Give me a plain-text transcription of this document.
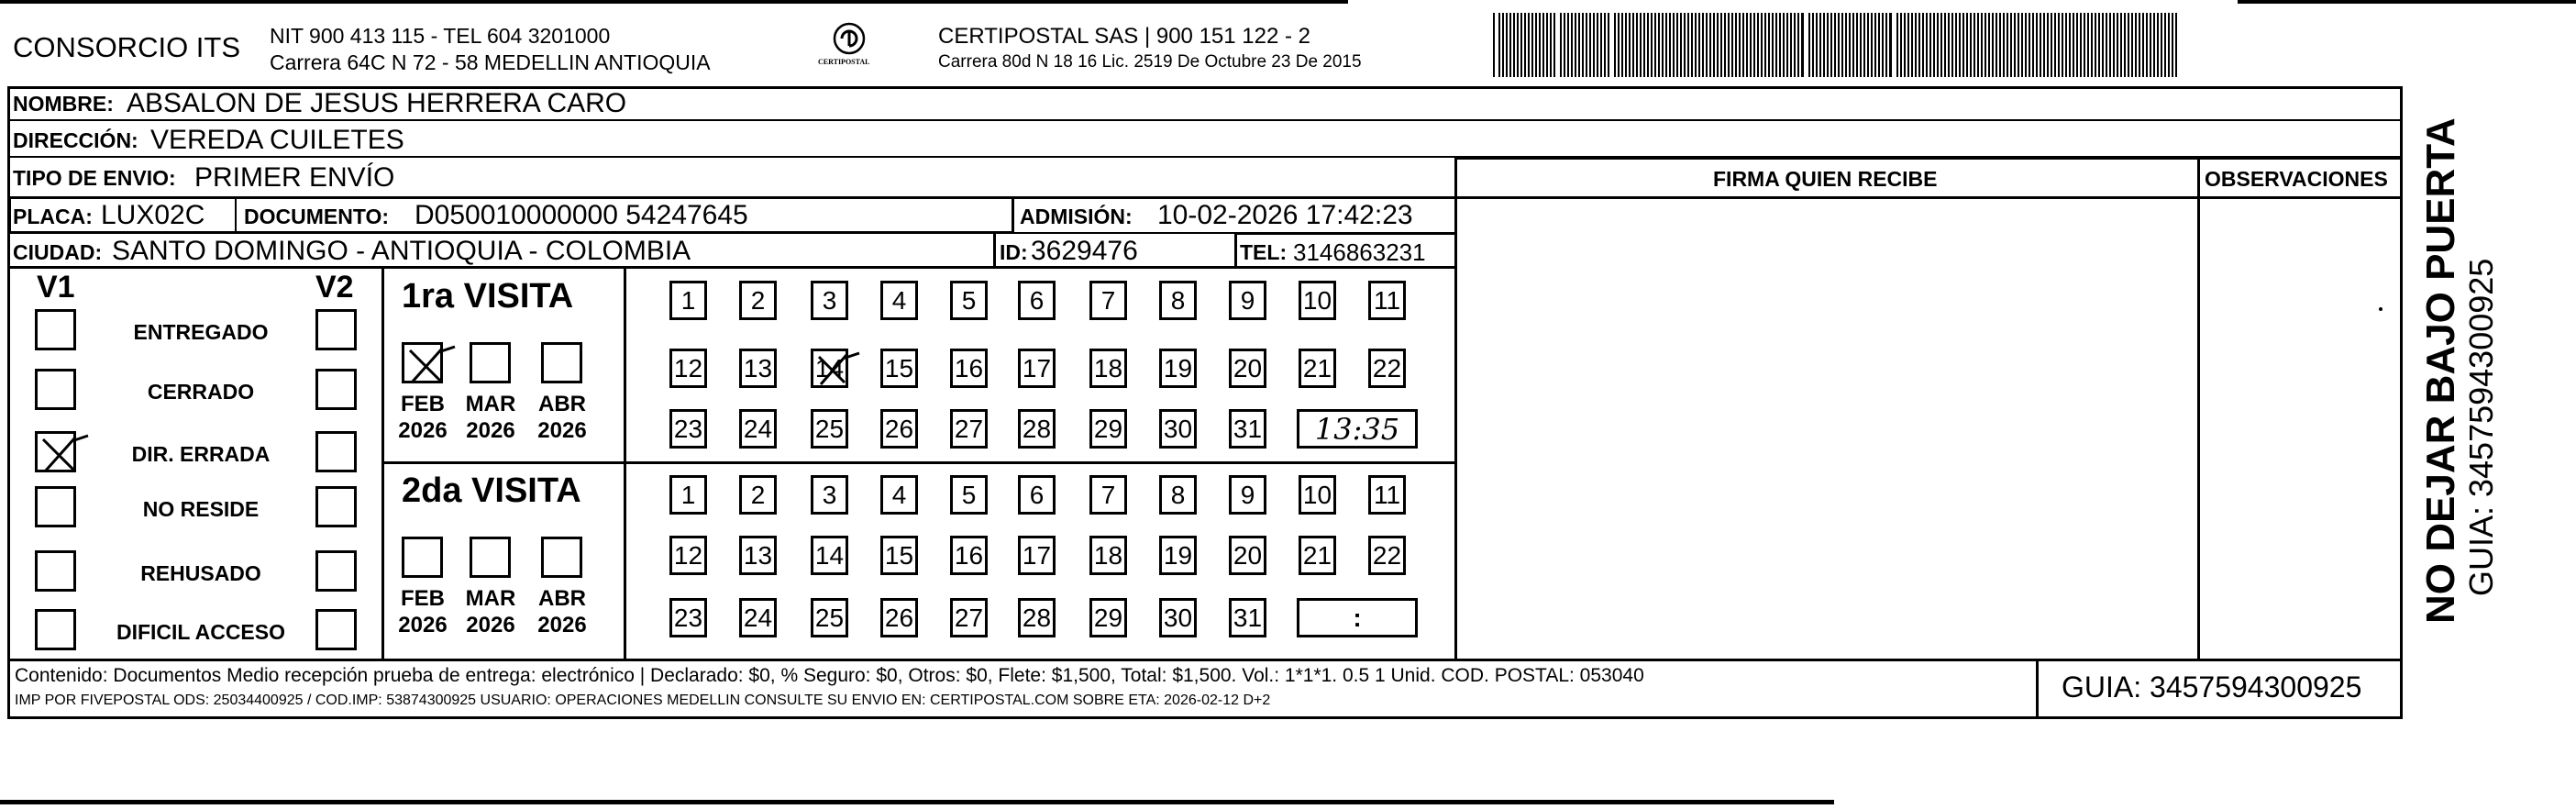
CONSORCIO ITS NIT 900 413 115 - TEL 604 3201000
Carrera 64C N 72 - 58 MEDELLIN ANTIOQUIA	CERTIPOSTAL
CERTIPOSTAL SAS | 900 151 122 - 2
Carrera 80d N 18 16 Lic. 2519 De Octubre 23 De 2015
NOMBRE: ABSALON DE JESUS HERRERA CARO
DIRECCIÓN: VEREDA CUILETES
TIPO DE ENVIO: PRIMER ENVÍO	FIRMA QUIEN RECIBE	OBSERVACIONES
PLACA: LUX02C DOCUMENTO: D050010000000 54247645	ADMISIÓN: 10-02-2026 17:42:23
CIUDAD: SANTO DOMINGO - ANTIOQUIA - COLOMBIA	ID: 3629476	TEL: 3146863231
V1	V2
ENTREGADO
CERRADO
DIR. ERRADA
NO RESIDE
REHUSADO
DIFICIL ACCESO
1ra VISITA
2da VISITA
FEB
2026
MAR
2026
ABR
2026
FEB
2026
MAR
2026
ABR
2026
1 2 3 4 5 6 7 8 9 10 11
12 13 14 15 16 17 18 19 20 21 22
23 24 25 26 27 28 29 30 31 13:35
1 2 3 4 5 6 7 8 9 10 11
12 13 14 15 16 17 18 19 20 21 22
23 24 25 26 27 28 29 30 31	:
Contenido: Documentos Medio recepción prueba de entrega: electrónico | Declarado: $0, % Seguro: $0, Otros: $0, Flete: $1,500, Total: $1,500. Vol.: 1*1*1. 0.5 1 Unid. COD. POSTAL: 053040
IMP POR FIVEPOSTAL ODS: 25034400925 / COD.IMP: 53874300925 USUARIO: OPERACIONES MEDELLIN CONSULTE SU ENVIO EN: CERTIPOSTAL.COM SOBRE ETA: 2026-02-12 D+2	GUIA: 3457594300925
NO DEJAR BAJO PUERTA GUIA: 3457594300925
